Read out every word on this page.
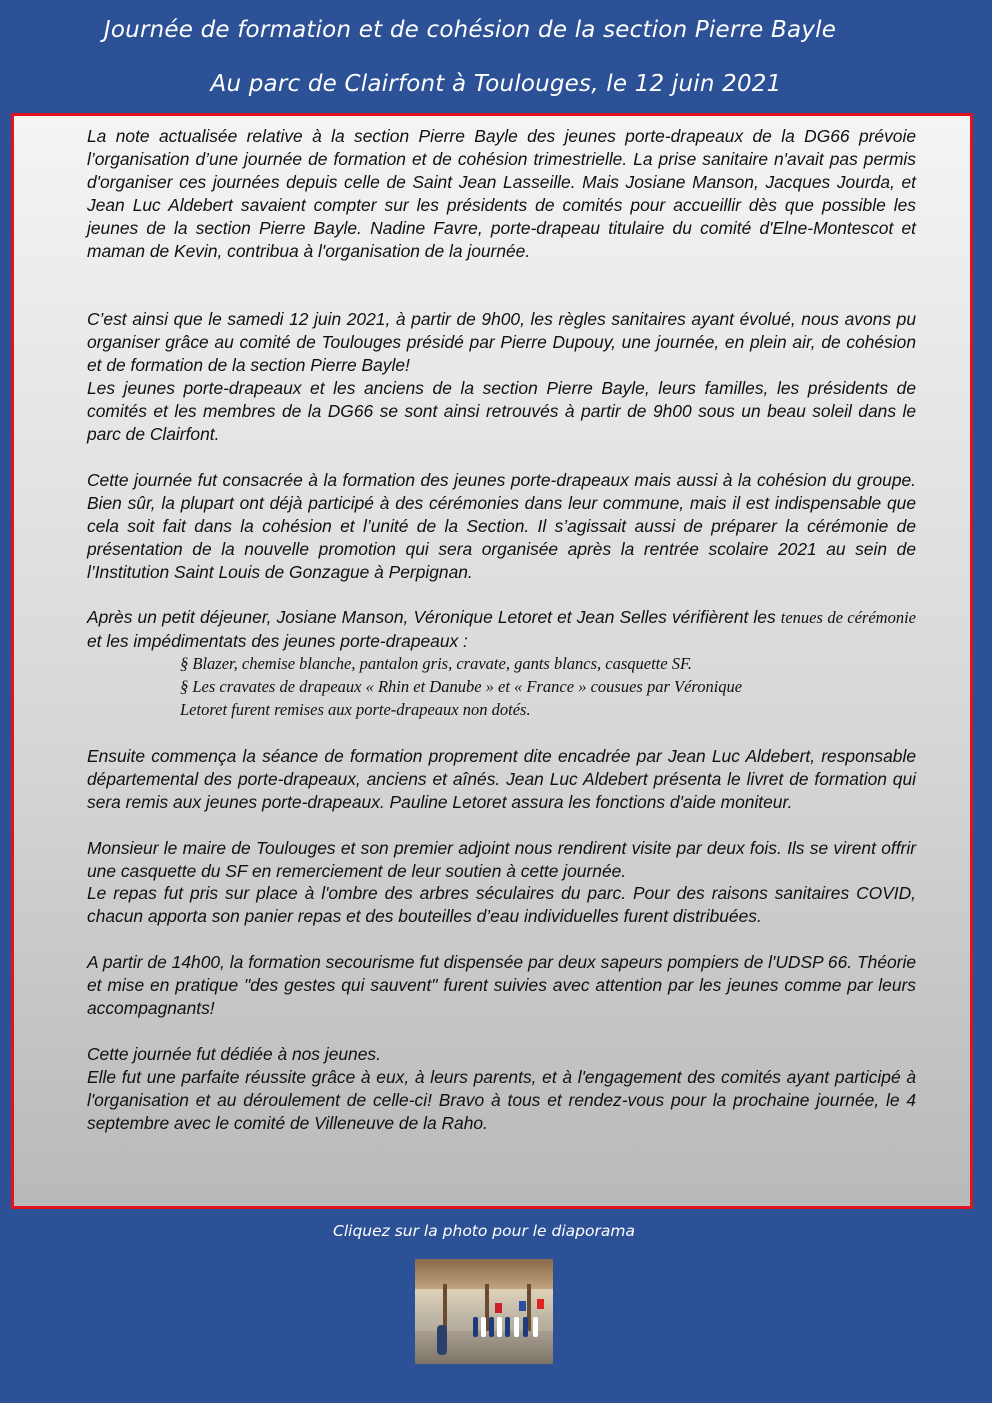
Journée de formation et de cohésion de la section Pierre Bayle
Au parc de Clairfont à Toulouges, le 12 juin 2021

La note actualisée relative à la section Pierre Bayle des jeunes porte-drapeaux de la DG66 prévoie l’organisation d’une journée de formation et de cohésion trimestrielle. La prise sanitaire n'avait pas permis d'organiser ces journées depuis celle de Saint Jean Lasseille. Mais Josiane Manson, Jacques Jourda, et Jean Luc Aldebert savaient compter sur les présidents de comités pour accueillir dès que possible les jeunes de la section Pierre Bayle. Nadine Favre, porte-drapeau titulaire du comité d'Elne-Montescot et maman de Kevin, contribua à l'organisation de la journée.

C’est ainsi que le samedi 12 juin 2021, à partir de 9h00, les règles sanitaires ayant évolué, nous avons pu organiser grâce au comité de Toulouges présidé par Pierre Dupouy, une journée, en plein air, de cohésion et de formation de la section Pierre Bayle!

Les jeunes porte-drapeaux et les anciens de la section Pierre Bayle, leurs familles, les présidents de comités et les membres de la DG66 se sont ainsi retrouvés à partir de 9h00 sous un beau soleil dans le parc de Clairfont.

Cette journée fut consacrée à la formation des jeunes porte-drapeaux mais aussi à la cohésion du groupe. Bien sûr, la plupart ont déjà participé à des cérémonies dans leur commune, mais il est indispensable que cela soit fait dans la cohésion et l’unité de la Section. Il s’agissait aussi de préparer la cérémonie de présentation de la nouvelle promotion qui sera organisée après la rentrée scolaire 2021 au sein de l’Institution Saint Louis de Gonzague à Perpignan.

Après un petit déjeuner, Josiane Manson, Véronique Letoret et Jean Selles vérifièrent les tenues de cérémonie et les impédimentats des jeunes porte-drapeaux :

§ Blazer, chemise blanche, pantalon gris, cravate, gants blancs, casquette SF.

§ Les cravates de drapeaux « Rhin et Danube » et « France » cousues par Véronique

Letoret furent remises aux porte-drapeaux non dotés.

Ensuite commença la séance de formation proprement dite encadrée par Jean Luc Aldebert, responsable départemental des porte-drapeaux, anciens et aînés. Jean Luc Aldebert présenta le livret de formation qui sera remis aux jeunes porte-drapeaux. Pauline Letoret assura les fonctions d'aide moniteur.

Monsieur le maire de Toulouges et son premier adjoint nous rendirent visite par deux fois. Ils se virent offrir une casquette du SF en remerciement de leur soutien à cette journée.

Le repas fut pris sur place à l'ombre des arbres séculaires du parc. Pour des raisons sanitaires COVID, chacun apporta son panier repas et des bouteilles d’eau individuelles furent distribuées.

A partir de 14h00, la formation secourisme fut dispensée par deux sapeurs pompiers de l'UDSP 66. Théorie et mise en pratique "des gestes qui sauvent" furent suivies avec attention par les jeunes comme par leurs accompagnants!

Cette journée fut dédiée à nos jeunes.

Elle fut une parfaite réussite grâce à eux, à leurs parents, et à l'engagement des comités ayant participé à l'organisation et au déroulement de celle-ci! Bravo à tous et rendez-vous pour la prochaine journée, le 4 septembre avec le comité de Villeneuve de la Raho.

Cliquez sur la photo pour le diaporama
